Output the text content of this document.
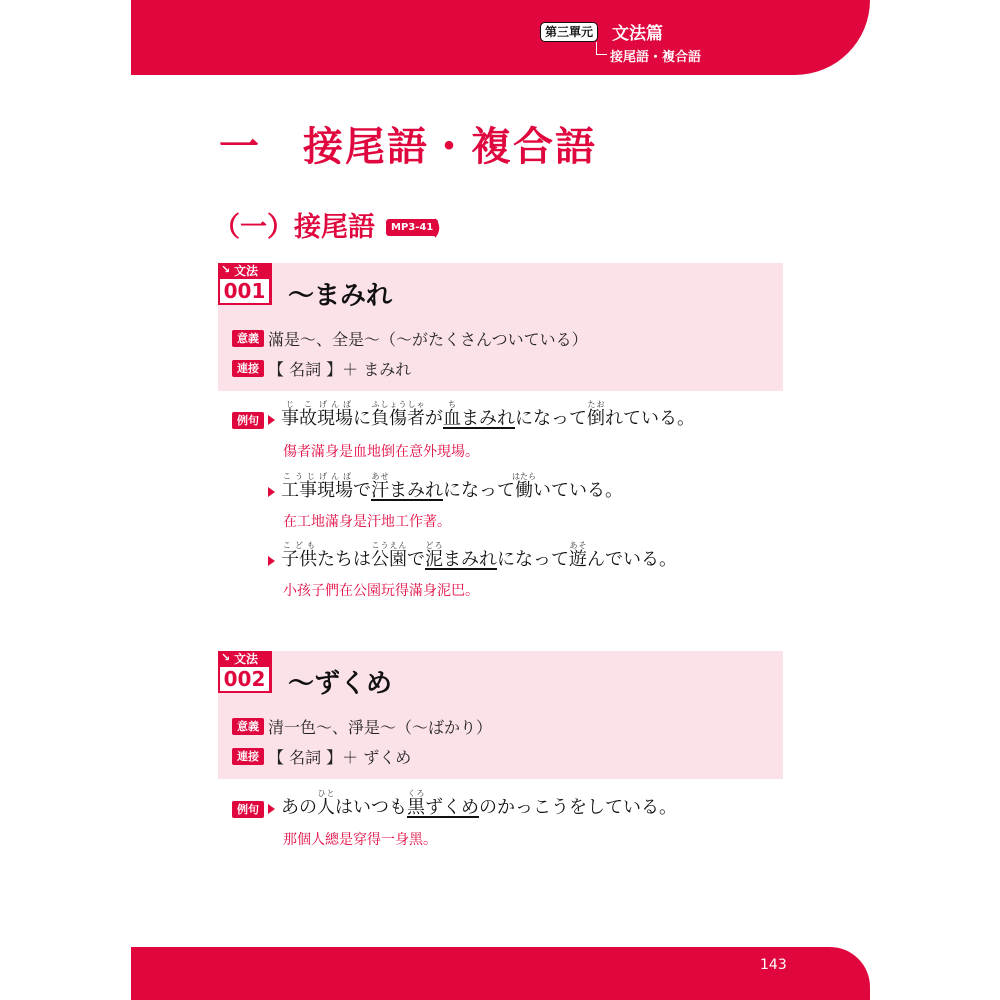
第三單元 文法篇
接尾語・複合語
一　接尾語・複合語
（一）接尾語	MP3-41
↘ 文法
001 ～まみれ
意義 滿是～、全是～（～がたくさんついている）
連接 【 名詞 】＋ まみれ
例句 事故じこ現場げんばに負傷者ふしょうしゃが血ちまみれになって倒たおれている。
傷者滿身是血地倒在意外現場。
工事こうじ現場げんばで汗あせまみれになって働はたらいている。
在工地滿身是汗地工作著。
子供こどもたちは公園こうえんで泥どろまみれになって遊あそんでいる。
小孩子們在公園玩得滿身泥巴。
↘ 文法
002 ～ずくめ
意義 清一色～、淨是～（～ばかり）
連接 【 名詞 】＋ ずくめ
例句 あの人ひとはいつも黒くろずくめのかっこうをしている。
那個人總是穿得一身黑。
143
